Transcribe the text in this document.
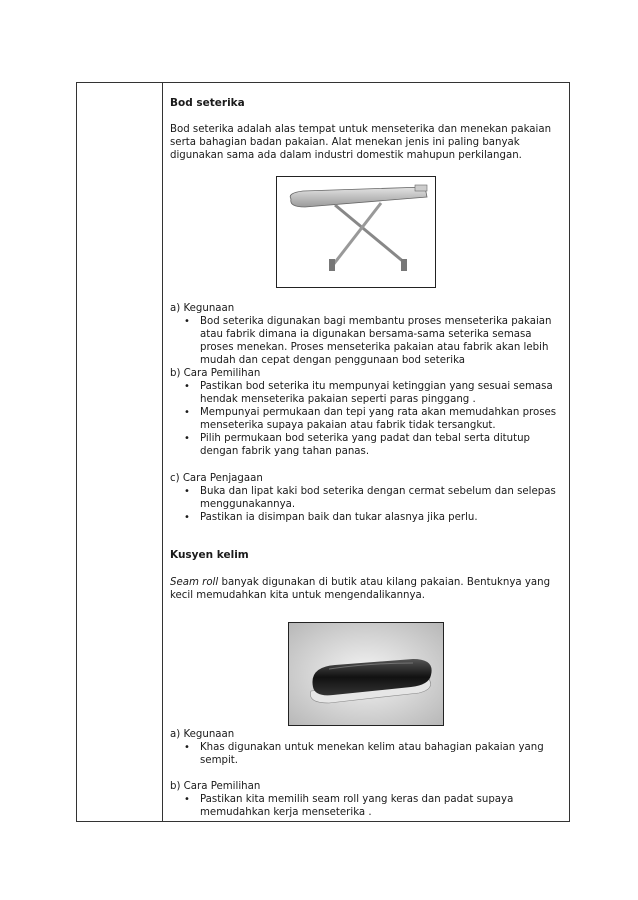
Bod seterika

Bod seterika adalah alas tempat untuk menseterika dan menekan pakaian serta bahagian badan pakaian. Alat menekan jenis ini paling banyak digunakan sama ada dalam industri domestik mahupun perkilangan.

a) Kegunaan

• Bod seterika digunakan bagi membantu proses menseterika pakaian atau fabrik dimana ia digunakan bersama-sama seterika semasa proses menekan. Proses menseterika pakaian atau fabrik akan lebih mudah dan cepat dengan penggunaan bod seterika

b) Cara Pemilihan

• Pastikan bod seterika itu mempunyai ketinggian yang sesuai semasa hendak menseterika pakaian seperti paras pinggang .
• Mempunyai permukaan dan tepi yang rata akan memudahkan proses menseterika supaya pakaian atau fabrik tidak tersangkut.
• Pilih permukaan bod seterika yang padat dan tebal serta ditutup dengan fabrik yang tahan panas.

c) Cara Penjagaan

• Buka dan lipat kaki bod seterika dengan cermat sebelum dan selepas menggunakannya.
• Pastikan ia disimpan baik dan tukar alasnya jika perlu.

Kusyen kelim

Seam roll banyak digunakan di butik atau kilang pakaian. Bentuknya yang kecil memudahkan kita untuk mengendalikannya.

a) Kegunaan

• Khas digunakan untuk menekan kelim atau bahagian pakaian yang sempit.

b) Cara Pemilihan

• Pastikan kita memilih seam roll yang keras dan padat supaya memudahkan kerja menseterika .
